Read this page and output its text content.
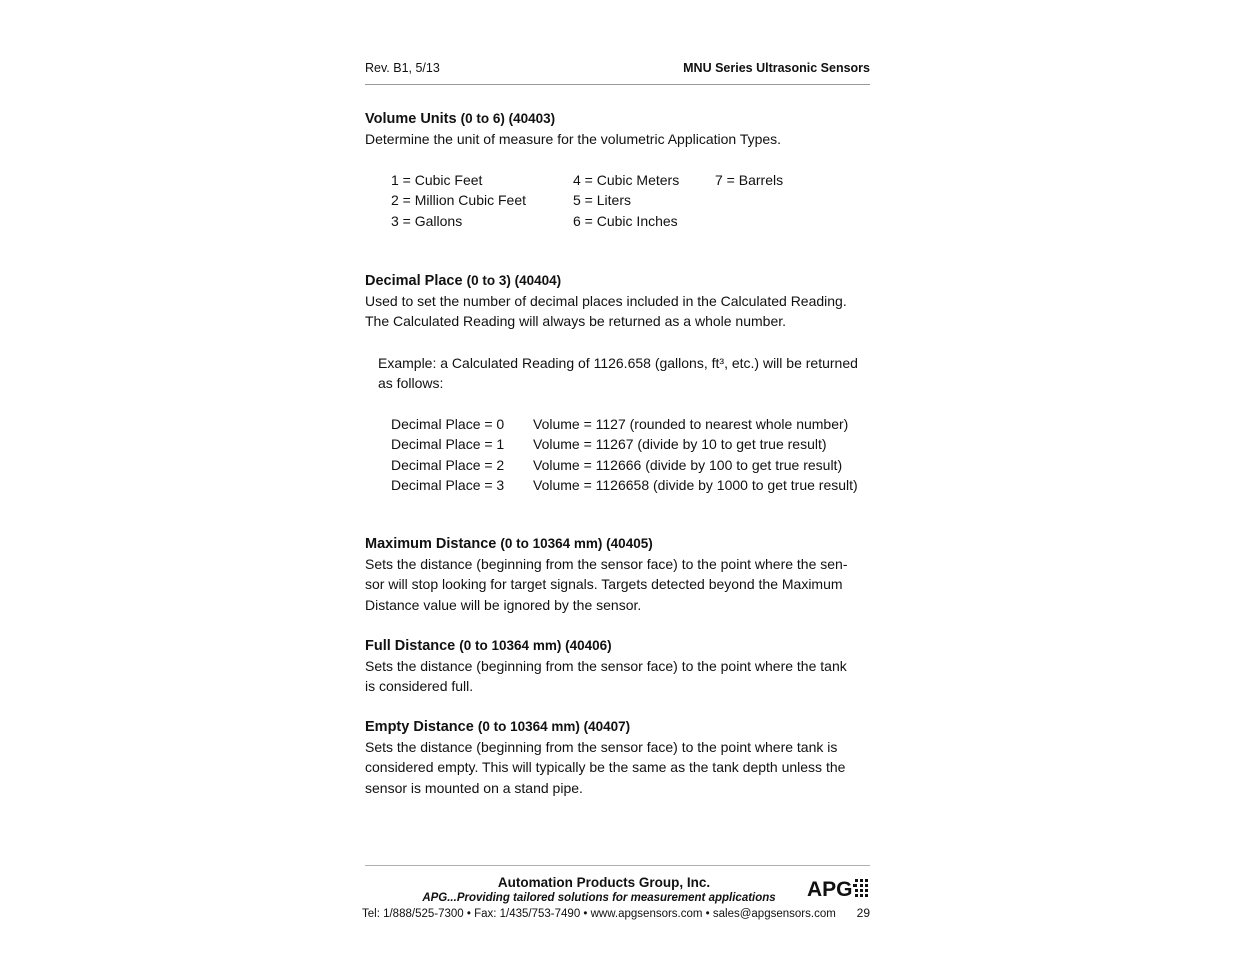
Rev. B1, 5/13	MNU Series Ultrasonic Sensors
Volume Units (0 to 6) (40403)

Determine the unit of measure for the volumetric Application Types.

1 = Cubic Feet	4 = Cubic Meters	7 = Barrels
2 = Million Cubic Feet	5 = Liters
3 = Gallons	6 = Cubic Inches
Decimal Place (0 to 3) (40404)

Used to set the number of decimal places included in the Calculated Reading.

The Calculated Reading will always be returned as a whole number.

Example: a Calculated Reading of 1126.658 (gallons, ft³, etc.) will be returned

as follows:

Decimal Place = 0 Volume = 1127 (rounded to nearest whole number)
Decimal Place = 1 Volume = 11267 (divide by 10 to get true result)
Decimal Place = 2 Volume = 112666 (divide by 100 to get true result)
Decimal Place = 3 Volume = 1126658 (divide by 1000 to get true result)
Maximum Distance (0 to 10364 mm) (40405)

Sets the distance (beginning from the sensor face) to the point where the sen-

sor will stop looking for target signals. Targets detected beyond the Maximum

Distance value will be ignored by the sensor.

Full Distance (0 to 10364 mm) (40406)

Sets the distance (beginning from the sensor face) to the point where the tank

is considered full.

Empty Distance (0 to 10364 mm) (40407)

Sets the distance (beginning from the sensor face) to the point where tank is

considered empty. This will typically be the same as the tank depth unless the

sensor is mounted on a stand pipe.

Automation Products Group, Inc.
APG...Providing tailored solutions for measurement applications
Tel: 1/888/525-7300 • Fax: 1/435/753-7490 • www.apgsensors.com • sales@apgsensors.com 29
APG
